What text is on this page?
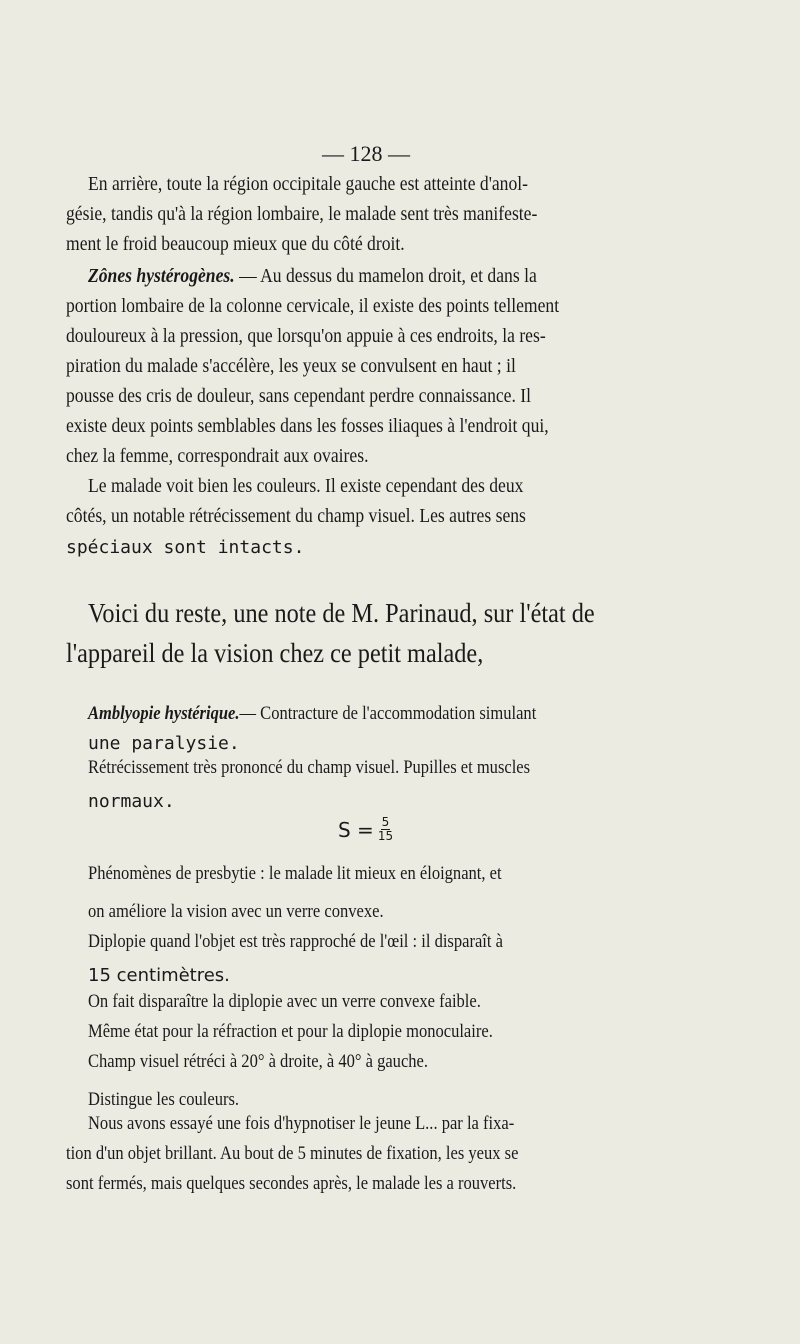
— 128 —
En arrière, toute la région occipitale gauche est atteinte d'anol-
gésie, tandis qu'à la région lombaire, le malade sent très manifeste-
ment le froid beaucoup mieux que du côté droit.
Zônes hystérogènes. — Au dessus du mamelon droit, et dans la
portion lombaire de la colonne cervicale, il existe des points tellement
douloureux à la pression, que lorsqu'on appuie à ces endroits, la res-
piration du malade s'accélère, les yeux se convulsent en haut ; il
pousse des cris de douleur, sans cependant perdre connaissance. Il
existe deux points semblables dans les fosses iliaques à l'endroit qui,
chez la femme, correspondrait aux ovaires.
Le malade voit bien les couleurs. Il existe cependant des deux
côtés, un notable rétrécissement du champ visuel. Les autres sens
spéciaux sont intacts.
Voici du reste, une note de M. Parinaud, sur l'état de
l'appareil de la vision chez ce petit malade,
Amblyopie hystérique.— Contracture de l'accommodation simulant
une paralysie.
Rétrécissement très prononcé du champ visuel. Pupilles et muscles
normaux.
$S = \frac{5}{15}$
Phénomènes de presbytie : le malade lit mieux en éloignant, et
on améliore la vision avec un verre convexe.
Diplopie quand l'objet est très rapproché de l'œil : il disparaît à
15 centimètres.
On fait disparaître la diplopie avec un verre convexe faible.
Même état pour la réfraction et pour la diplopie monoculaire.
Champ visuel rétréci à 20° à droite, à 40° à gauche.
Distingue les couleurs.
Nous avons essayé une fois d'hypnotiser le jeune L... par la fixa-
tion d'un objet brillant. Au bout de 5 minutes de fixation, les yeux se
sont fermés, mais quelques secondes après, le malade les a rouverts.
